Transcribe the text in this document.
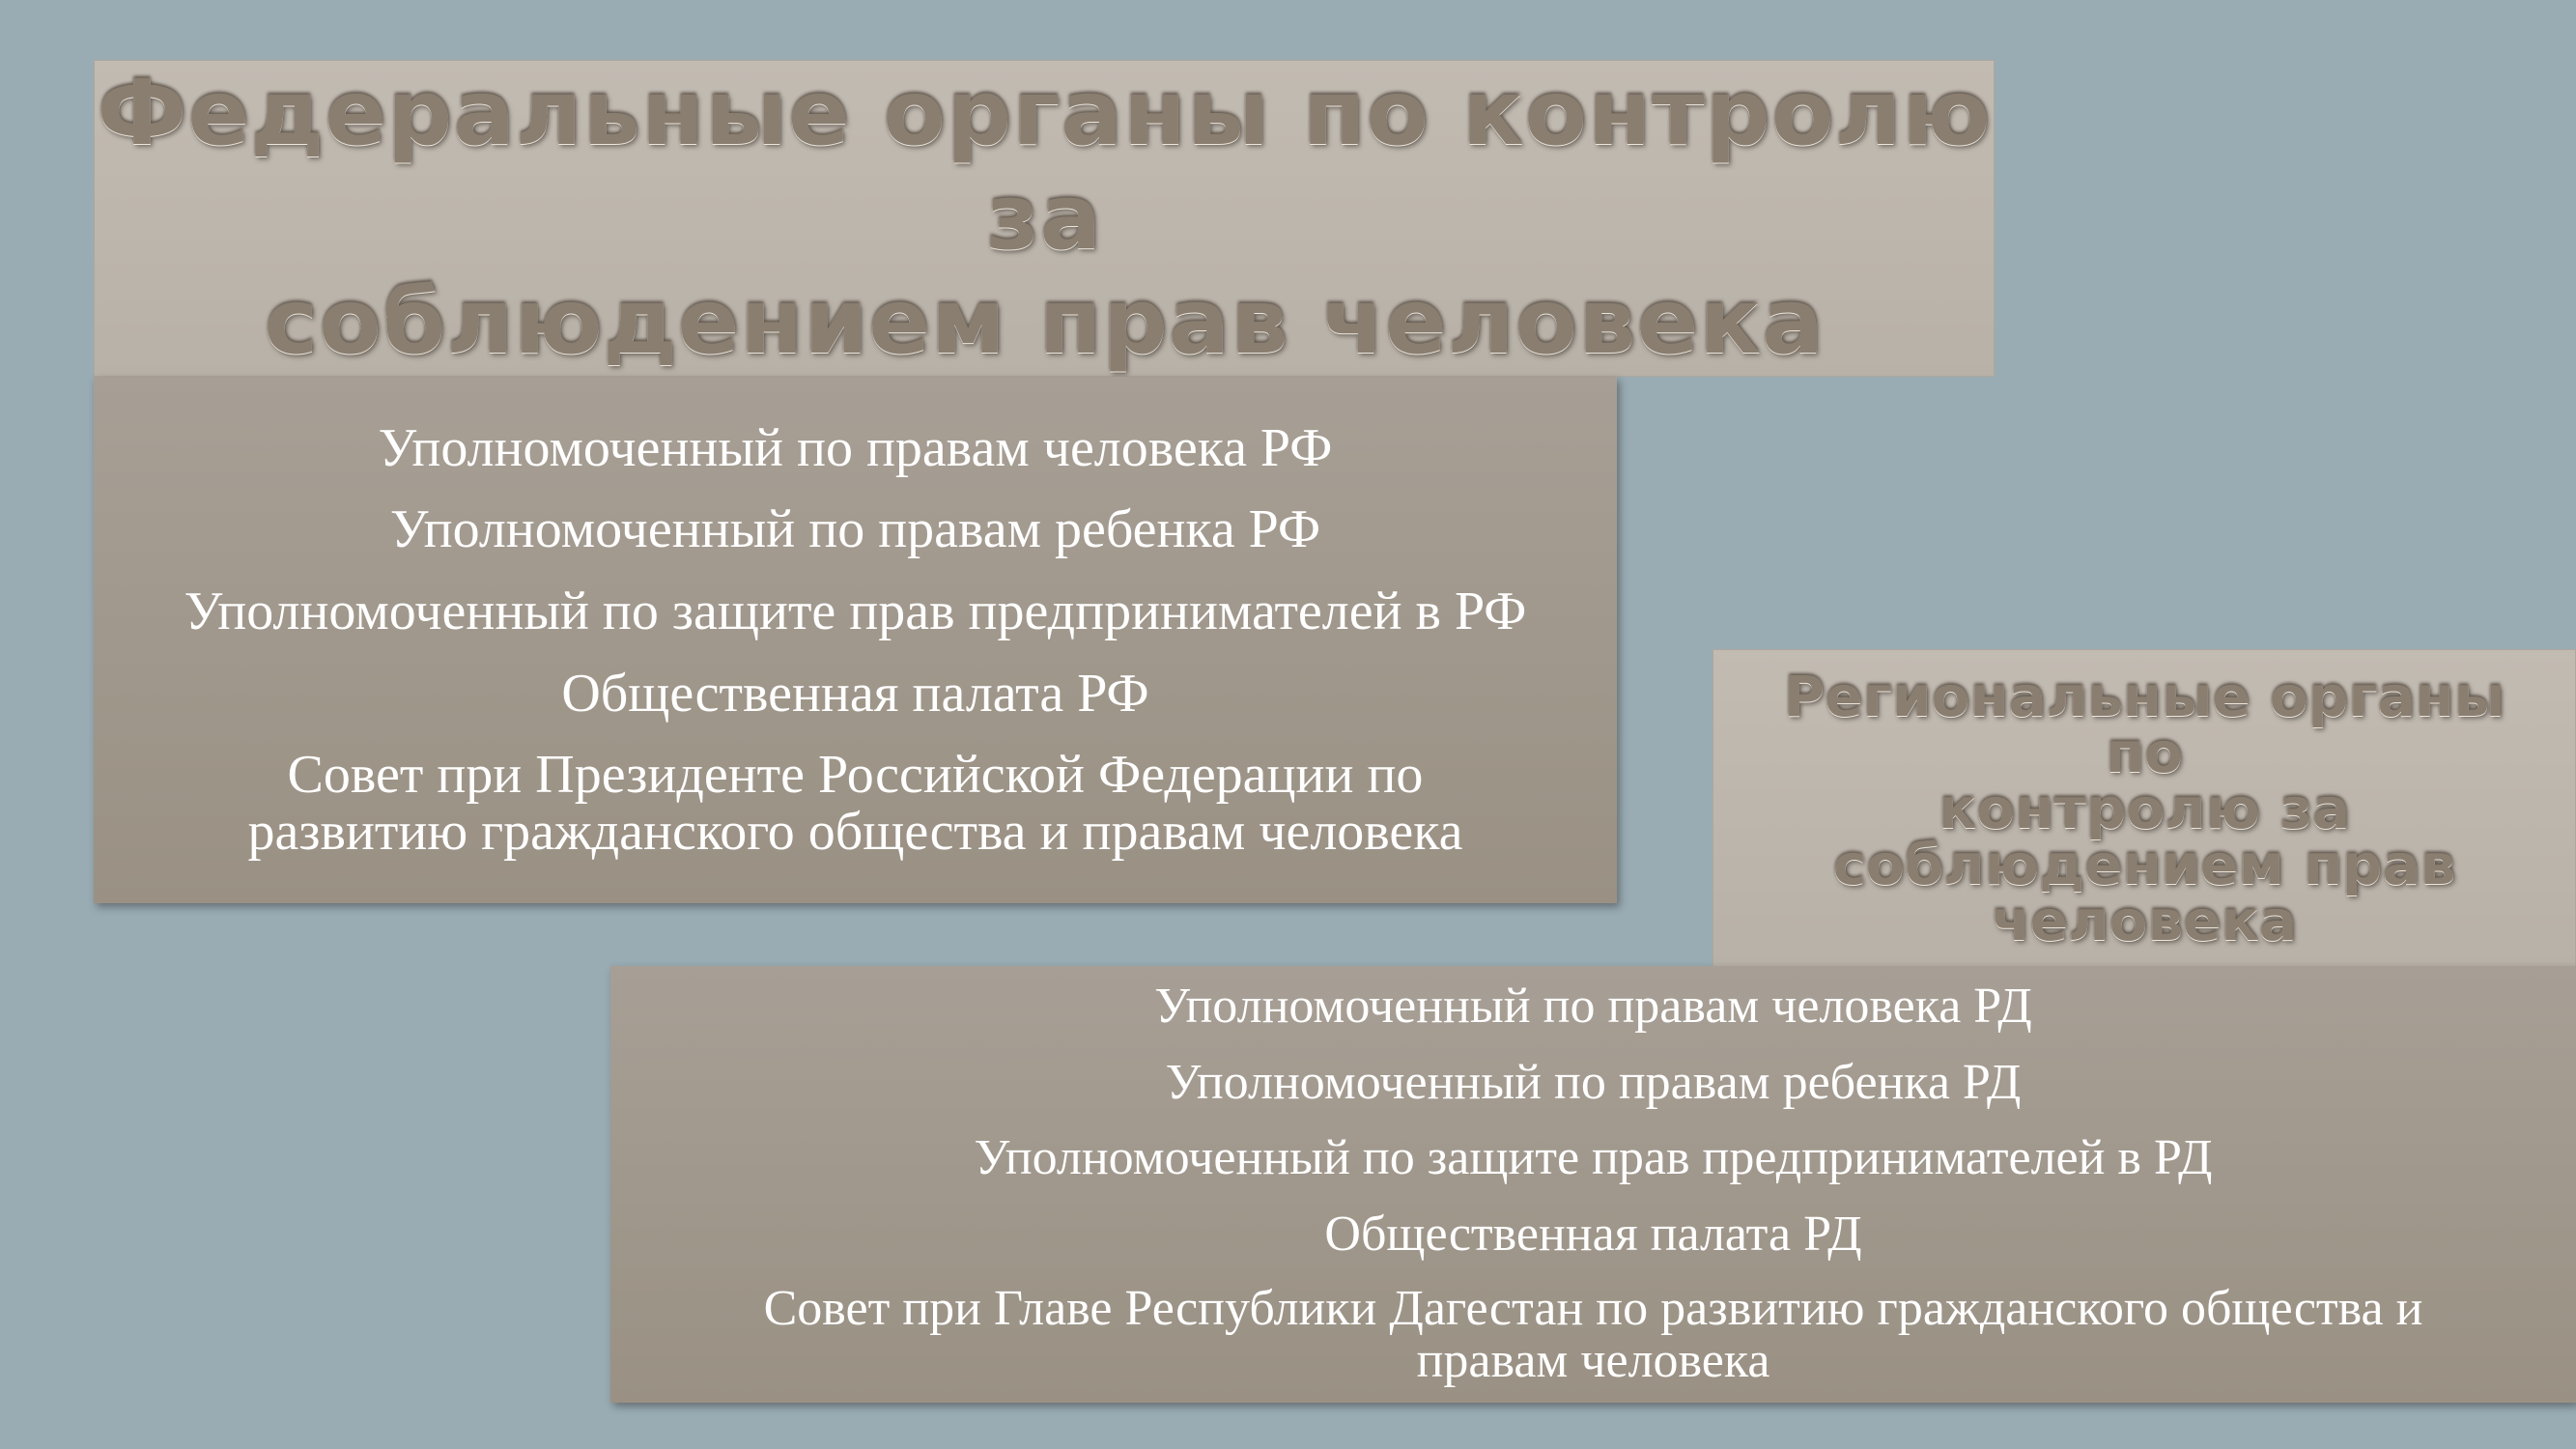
Федеральные органы по контролю за
соблюдением прав человека
Уполномоченный по правам человека РФ
Уполномоченный по правам ребенка РФ
Уполномоченный по защите прав предпринимателей в РФ
Общественная палата РФ
Совет при Президенте Российской Федерации по
развитию гражданского общества и правам человека
Региональные органы по
контролю за
соблюдением прав
человека
Уполномоченный по правам человека РД
Уполномоченный по правам ребенка РД
Уполномоченный по защите прав предпринимателей в РД
Общественная палата РД
Совет при Главе Республики Дагестан по развитию гражданского общества и
правам человека
